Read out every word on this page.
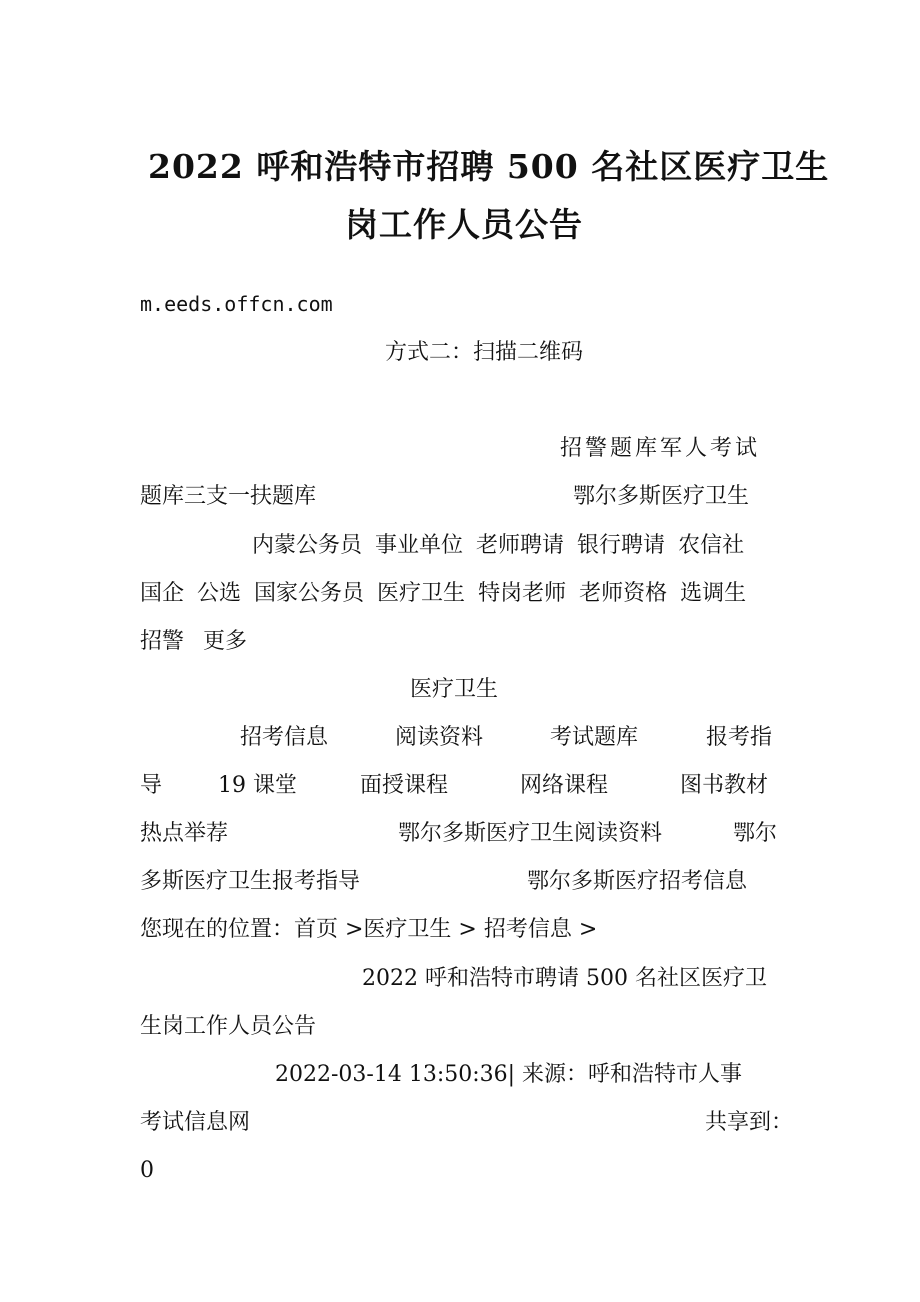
2022 呼和浩特市招聘 500 名社区医疗卫生
岗工作人员公告
m.eeds.offcn.com
方式二：扫描二维码
招警题库军人考试
题库三支一扶题库	鄂尔多斯医疗卫生
内蒙公务员 事业单位 老师聘请 银行聘请 农信社
国企 公选 国家公务员 医疗卫生 特岗老师 老师资格 选调生
招警 更多
医疗卫生
招考信息	阅读资料	考试题库	报考指
导	19 课堂	面授课程	网络课程	图书教材
热点举荐	鄂尔多斯医疗卫生阅读资料	鄂尔
多斯医疗卫生报考指导	鄂尔多斯医疗招考信息
您现在的位置：首页 >医疗卫生 > 招考信息 >
2022 呼和浩特市聘请 500 名社区医疗卫
生岗工作人员公告
2022-03-14 13:50:36| 来源：呼和浩特市人事
考试信息网	共享到：
0
